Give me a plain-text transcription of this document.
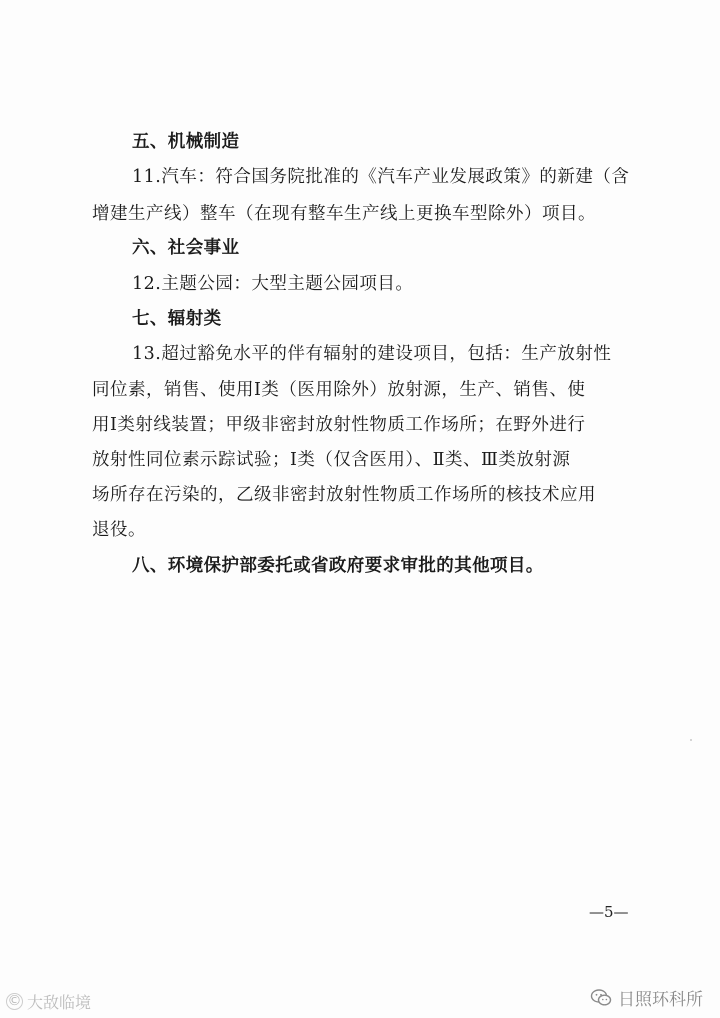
五、机械制造
11.汽车：符合国务院批准的《汽车产业发展政策》的新建（含
增建生产线）整车（在现有整车生产线上更换车型除外）项目。
六、社会事业
12.主题公园：大型主题公园项目。
七、辐射类
13.超过豁免水平的伴有辐射的建设项目，包括：生产放射性
同位素，销售、使用Ⅰ类（医用除外）放射源，生产、销售、使
用Ⅰ类射线装置；甲级非密封放射性物质工作场所；在野外进行
放射性同位素示踪试验；Ⅰ类（仅含医用）、Ⅱ类、Ⅲ类放射源
场所存在污染的，乙级非密封放射性物质工作场所的核技术应用
退役。
八、环境保护部委托或省政府要求审批的其他项目。
—5—
© 大敌临境	日照环科所
